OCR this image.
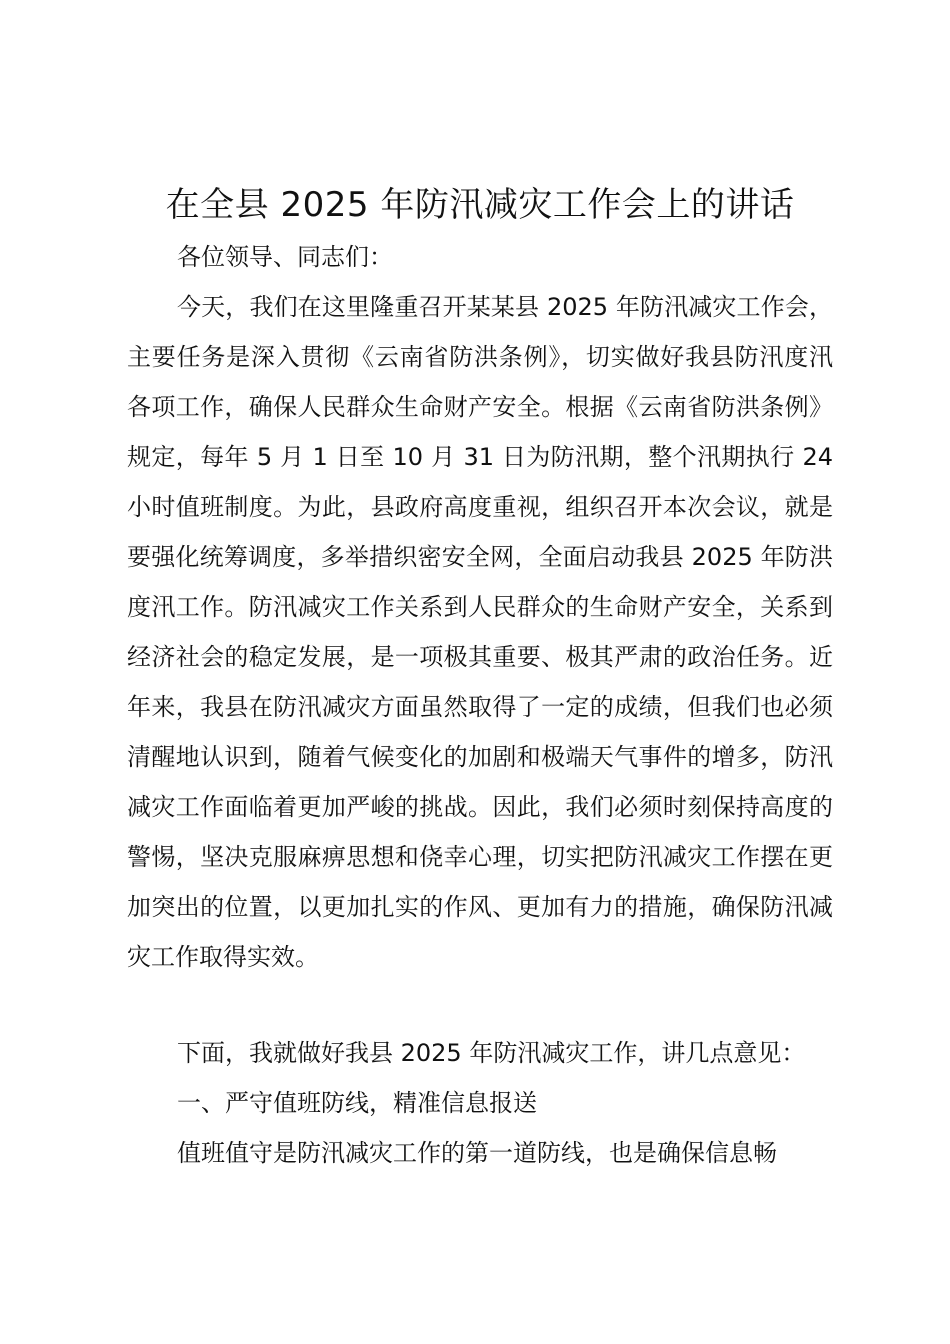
在全县 2025 年防汛减灾工作会上的讲话
各位领导、同志们：

今天，我们在这里隆重召开某某县 2025 年防汛减灾工作会，主要任务是深入贯彻《云南省防洪条例》，切实做好我县防汛度汛各项工作，确保人民群众生命财产安全。根据《云南省防洪条例》规定，每年 5 月 1 日至 10 月 31 日为防汛期，整个汛期执行 24 小时值班制度。为此，县政府高度重视，组织召开本次会议，就是要强化统筹调度，多举措织密安全网，全面启动我县 2025 年防洪度汛工作。防汛减灾工作关系到人民群众的生命财产安全，关系到经济社会的稳定发展，是一项极其重要、极其严肃的政治任务。近年来，我县在防汛减灾方面虽然取得了一定的成绩，但我们也必须清醒地认识到，随着气候变化的加剧和极端天气事件的增多，防汛减灾工作面临着更加严峻的挑战。因此，我们必须时刻保持高度的警惕，坚决克服麻痹思想和侥幸心理，切实把防汛减灾工作摆在更加突出的位置，以更加扎实的作风、更加有力的措施，确保防汛减灾工作取得实效。

下面，我就做好我县 2025 年防汛减灾工作，讲几点意见：
一、严守值班防线，精准信息报送
值班值守是防汛减灾工作的第一道防线，也是确保信息畅
